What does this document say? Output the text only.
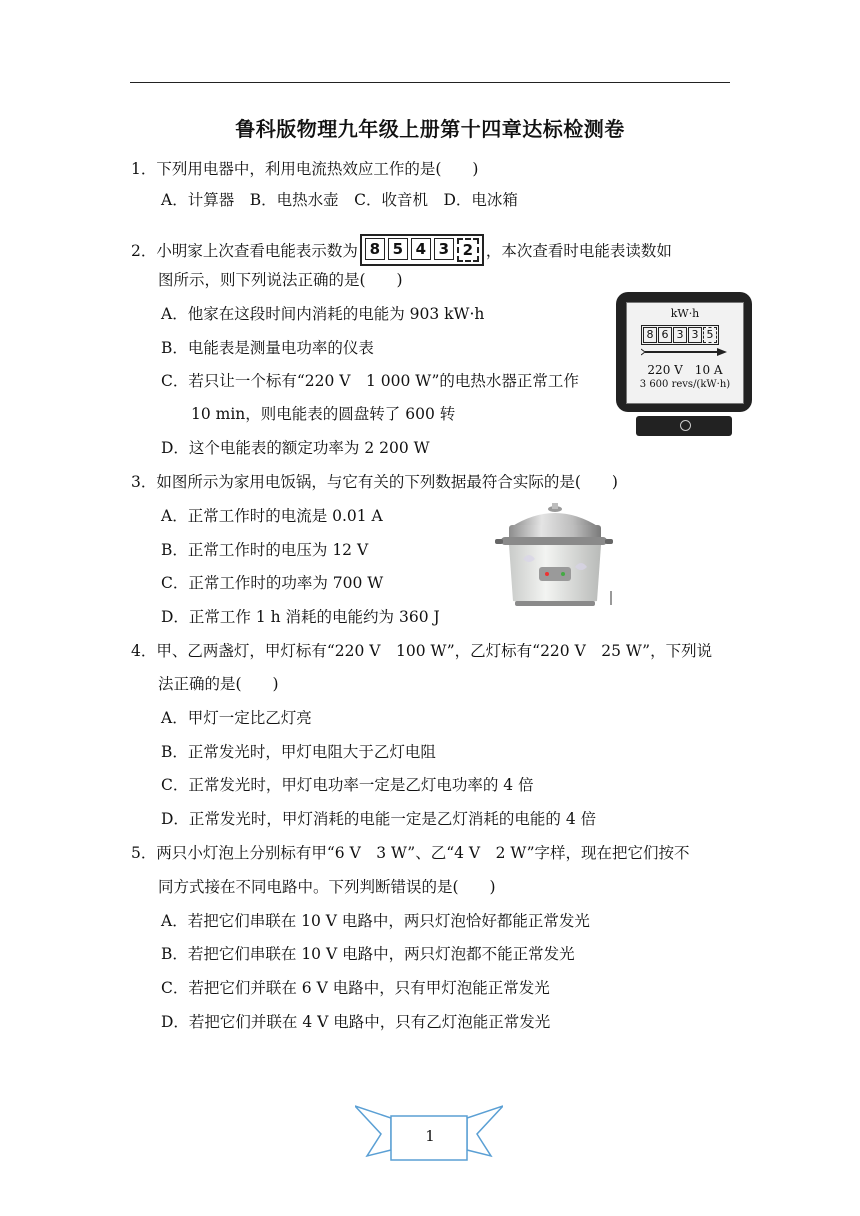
鲁科版物理九年级上册第十四章达标检测卷
1．下列用电器中，利用电流热效应工作的是(　　)
A．计算器　B．电热水壶　C．收音机　D．电冰箱
2．小明家上次查看电能表示数为 8 5 4 3 2 ，本次查看时电能表读数如
图所示，则下列说法正确的是(　　)
A．他家在这段时间内消耗的电能为 903 kW·h
B．电能表是测量电功率的仪表
C．若只让一个标有“220 V　1 000 W”的电热水器正常工作
10 min，则电能表的圆盘转了 600 转
D．这个电能表的额定功率为 2 200 W
kW·h
8 6 3 3 5
220 V　10 A
3 600 revs/(kW·h)
3．如图所示为家用电饭锅，与它有关的下列数据最符合实际的是(　　)
A．正常工作时的电流是 0.01 A
B．正常工作时的电压为 12 V
C．正常工作时的功率为 700 W
D．正常工作 1 h 消耗的电能约为 360 J
4．甲、乙两盏灯，甲灯标有“220 V　100 W”，乙灯标有“220 V　25 W”，下列说
法正确的是(　　)
A．甲灯一定比乙灯亮
B．正常发光时，甲灯电阻大于乙灯电阻
C．正常发光时，甲灯电功率一定是乙灯电功率的 4 倍
D．正常发光时，甲灯消耗的电能一定是乙灯消耗的电能的 4 倍
5．两只小灯泡上分别标有甲“6 V　3 W”、乙“4 V　2 W”字样，现在把它们按不
同方式接在不同电路中。下列判断错误的是(　　)
A．若把它们串联在 10 V 电路中，两只灯泡恰好都能正常发光
B．若把它们串联在 10 V 电路中，两只灯泡都不能正常发光
C．若把它们并联在 6 V 电路中，只有甲灯泡能正常发光
D．若把它们并联在 4 V 电路中，只有乙灯泡能正常发光
1
